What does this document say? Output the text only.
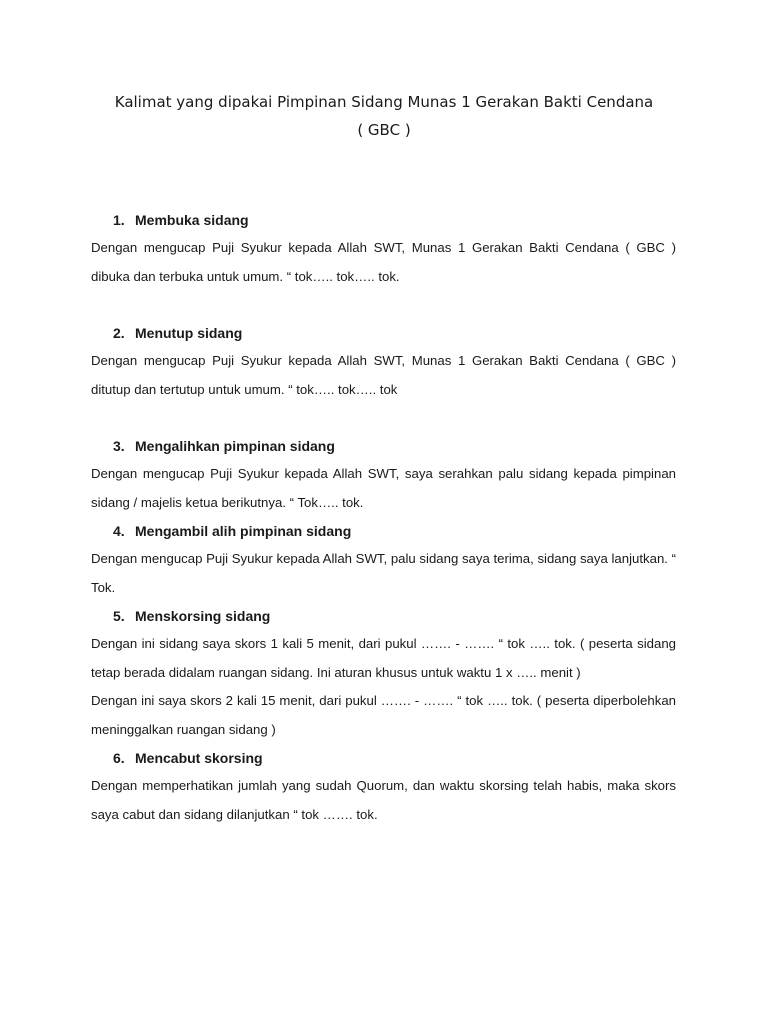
Kalimat yang dipakai Pimpinan Sidang Munas 1 Gerakan Bakti Cendana
( GBC )
1. Membuka sidang

Dengan mengucap Puji Syukur kepada Allah SWT, Munas 1 Gerakan Bakti Cendana ( GBC ) dibuka dan terbuka untuk umum. “ tok….. tok….. tok.

2. Menutup sidang

Dengan mengucap Puji Syukur kepada Allah SWT, Munas 1 Gerakan Bakti Cendana ( GBC ) ditutup dan tertutup untuk umum. “ tok….. tok….. tok

3. Mengalihkan pimpinan sidang

Dengan mengucap Puji Syukur kepada Allah SWT, saya serahkan palu sidang kepada pimpinan sidang / majelis ketua berikutnya. “ Tok….. tok.

4. Mengambil alih pimpinan sidang

Dengan mengucap Puji Syukur kepada Allah SWT, palu sidang saya terima, sidang saya lanjutkan. “ Tok.

5. Menskorsing sidang

Dengan ini sidang saya skors 1 kali 5 menit, dari pukul ……. - ……. “ tok ….. tok. ( peserta sidang tetap berada didalam ruangan sidang. Ini aturan khusus untuk waktu 1 x ….. menit )

Dengan ini saya skors 2 kali 15 menit, dari pukul ……. - ……. “ tok ….. tok. ( peserta diperbolehkan meninggalkan ruangan sidang )

6. Mencabut skorsing

Dengan memperhatikan jumlah yang sudah Quorum, dan waktu skorsing telah habis, maka skors saya cabut dan sidang dilanjutkan “ tok ……. tok.
